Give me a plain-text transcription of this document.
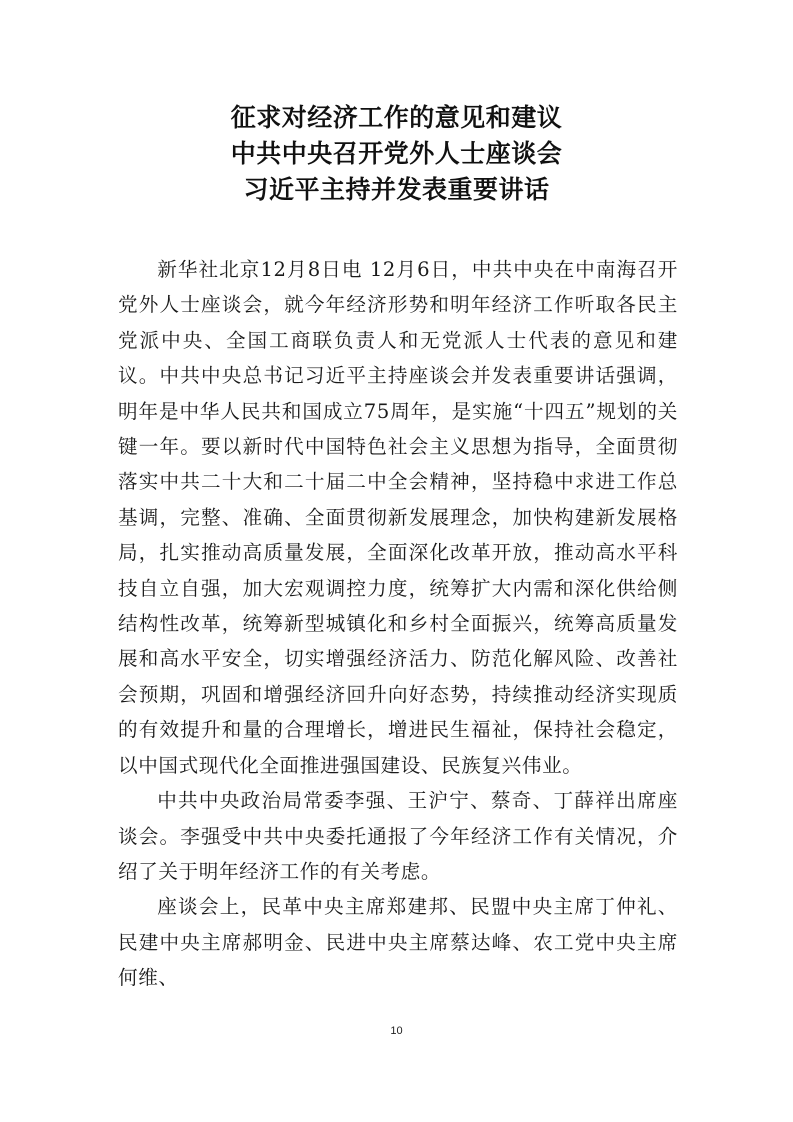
征求对经济工作的意见和建议

中共中央召开党外人士座谈会

习近平主持并发表重要讲话

新华社北京12月8日电 12月6日，中共中央在中南海召开党外人士座谈会，就今年经济形势和明年经济工作听取各民主党派中央、全国工商联负责人和无党派人士代表的意见和建议。中共中央总书记习近平主持座谈会并发表重要讲话强调，明年是中华人民共和国成立75周年，是实施“十四五”规划的关键一年。要以新时代中国特色社会主义思想为指导，全面贯彻落实中共二十大和二十届二中全会精神，坚持稳中求进工作总基调，完整、准确、全面贯彻新发展理念，加快构建新发展格局，扎实推动高质量发展，全面深化改革开放，推动高水平科技自立自强，加大宏观调控力度，统筹扩大内需和深化供给侧结构性改革，统筹新型城镇化和乡村全面振兴，统筹高质量发展和高水平安全，切实增强经济活力、防范化解风险、改善社会预期，巩固和增强经济回升向好态势，持续推动经济实现质的有效提升和量的合理增长，增进民生福祉，保持社会稳定，以中国式现代化全面推进强国建设、民族复兴伟业。

中共中央政治局常委李强、王沪宁、蔡奇、丁薛祥出席座谈会。李强受中共中央委托通报了今年经济工作有关情况，介绍了关于明年经济工作的有关考虑。

座谈会上，民革中央主席郑建邦、民盟中央主席丁仲礼、民建中央主席郝明金、民进中央主席蔡达峰、农工党中央主席何维、

10
